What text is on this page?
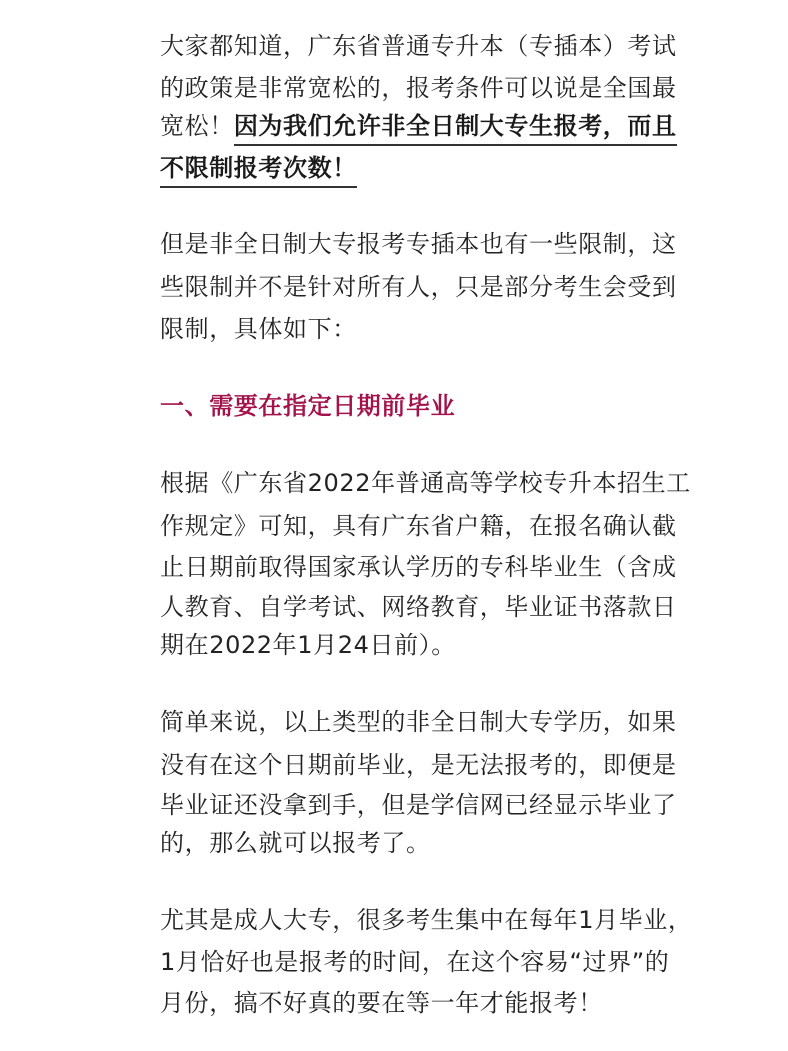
大家都知道，广东省普通专升本（专插本）考试
的政策是非常宽松的，报考条件可以说是全国最
宽松！因为我们允许非全日制大专生报考，而且
不限制报考次数！
但是非全日制大专报考专插本也有一些限制，这
些限制并不是针对所有人，只是部分考生会受到
限制，具体如下：
一、需要在指定日期前毕业
根据《广东省2022年普通高等学校专升本招生工
作规定》可知，具有广东省户籍，在报名确认截
止日期前取得国家承认学历的专科毕业生（含成
人教育、自学考试、网络教育，毕业证书落款日
期在2022年1月24日前）。
简单来说，以上类型的非全日制大专学历，如果
没有在这个日期前毕业，是无法报考的，即便是
毕业证还没拿到手，但是学信网已经显示毕业了
的，那么就可以报考了。
尤其是成人大专，很多考生集中在每年1月毕业，
1月恰好也是报考的时间，在这个容易“过界”的
月份，搞不好真的要在等一年才能报考！
